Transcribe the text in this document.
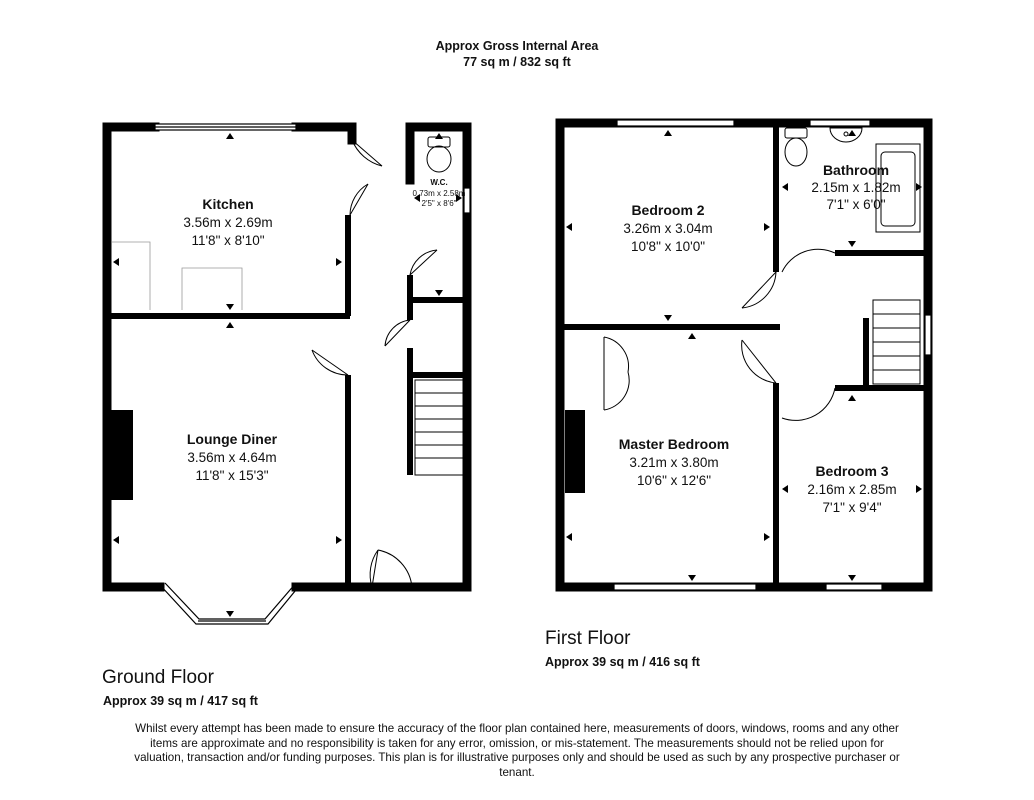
Approx Gross Internal Area
77 sq m / 832 sq ft
Kitchen
3.56m x 2.69m
11'8" x 8'10"
W.C.
0.73m x 2.58m
2'5" x 8'6"
Lounge Diner
3.56m x 4.64m
11'8" x 15'3"
Bedroom 2
3.26m x 3.04m
10'8" x 10'0"
Bathroom
2.15m x 1.82m
7'1" x 6'0"
Master Bedroom
3.21m x 3.80m
10'6" x 12'6"
Bedroom 3
2.16m x 2.85m
7'1" x 9'4"
Ground Floor
Approx 39 sq m / 417 sq ft
First Floor
Approx 39 sq m / 416 sq ft
Whilst every attempt has been made to ensure the accuracy of the floor plan contained here, measurements of doors, windows, rooms and any other items are approximate and no responsibility is taken for any error, omission, or mis-statement. The measurements should not be relied upon for valuation, transaction and/or funding purposes. This plan is for illustrative purposes only and should be used as such by any prospective purchaser or tenant.
